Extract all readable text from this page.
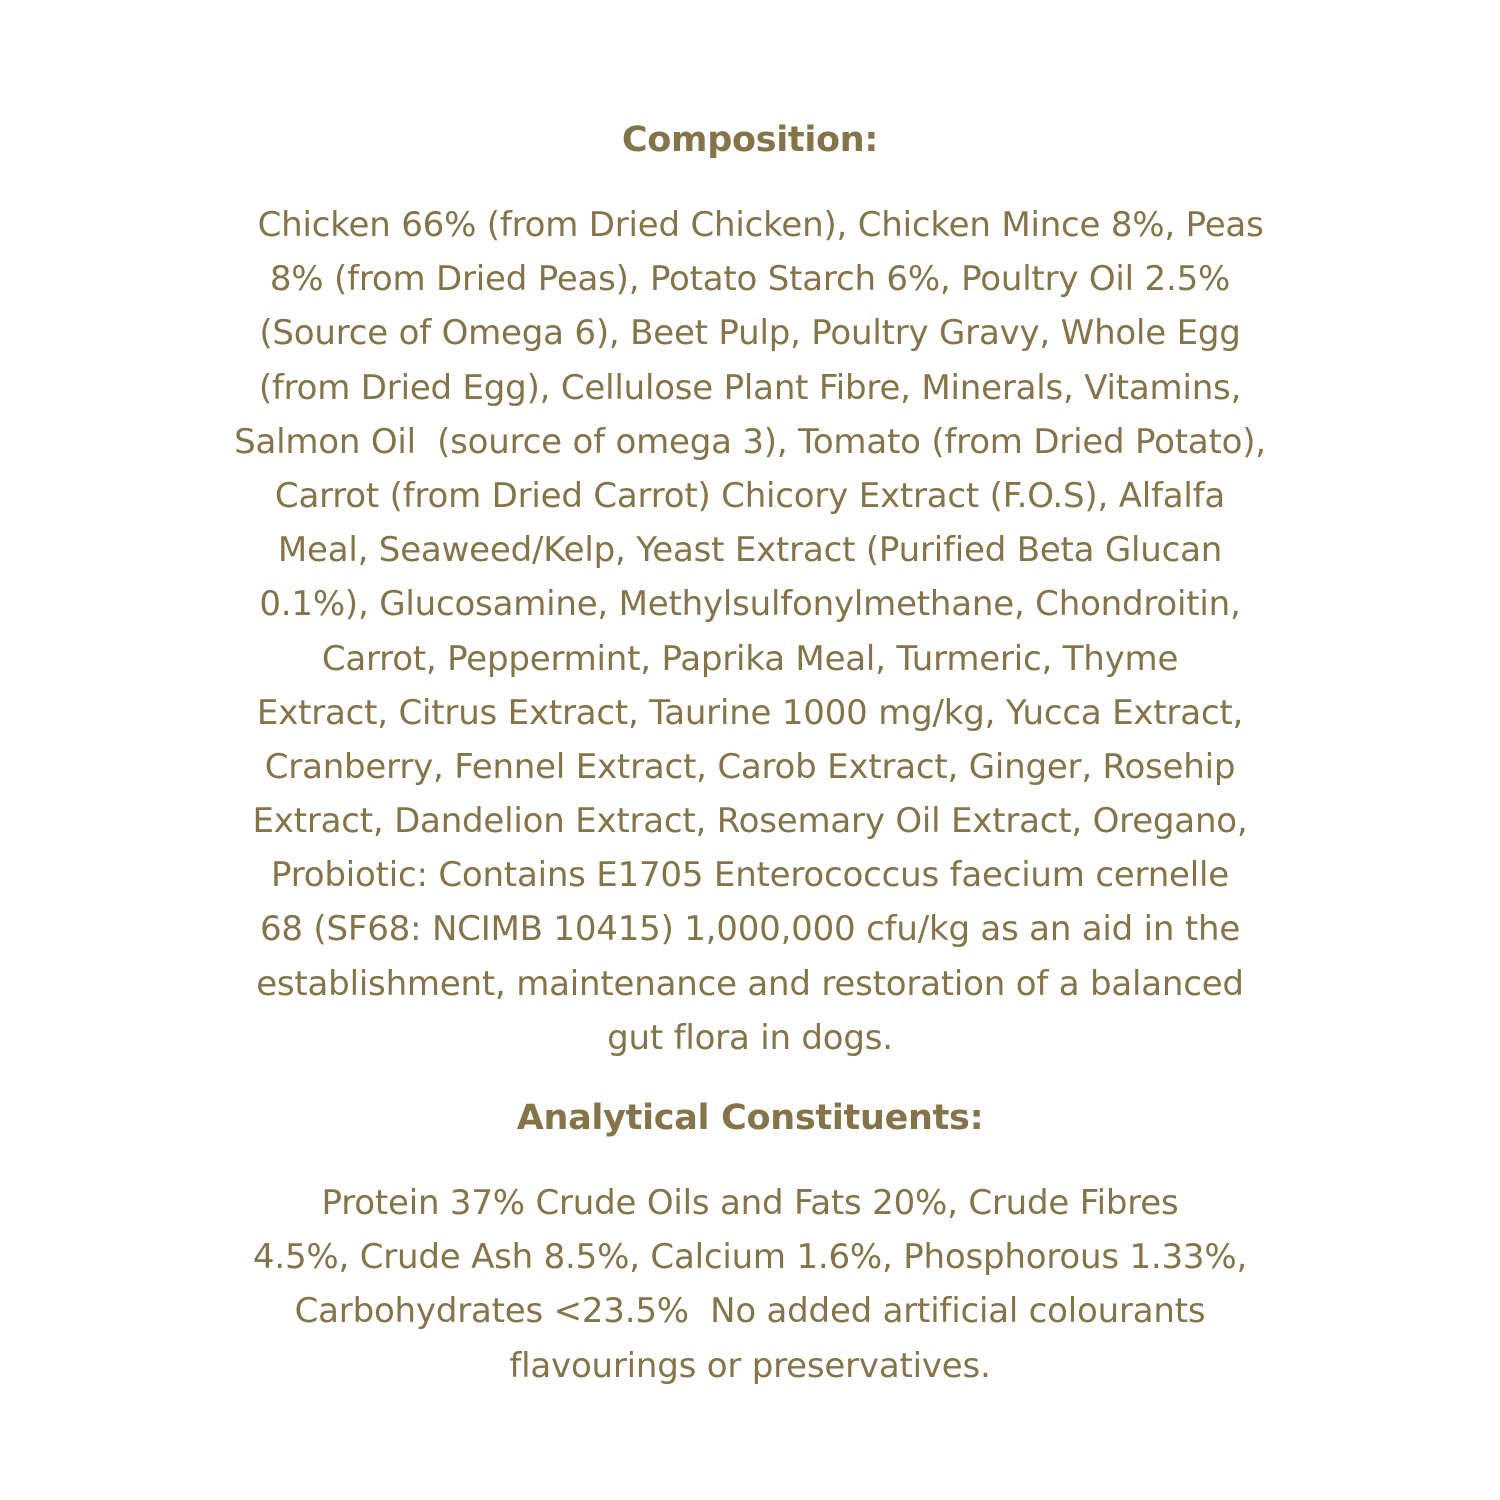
Composition:
Chicken 66% (from Dried Chicken), Chicken Mince 8%, Peas
8% (from Dried Peas), Potato Starch 6%, Poultry Oil 2.5%
(Source of Omega 6), Beet Pulp, Poultry Gravy, Whole Egg
(from Dried Egg), Cellulose Plant Fibre, Minerals, Vitamins,
Salmon Oil  (source of omega 3), Tomato (from Dried Potato),
Carrot (from Dried Carrot) Chicory Extract (F.O.S), Alfalfa
Meal, Seaweed/Kelp, Yeast Extract (Purified Beta Glucan
0.1%), Glucosamine, Methylsulfonylmethane, Chondroitin,
Carrot, Peppermint, Paprika Meal, Turmeric, Thyme
Extract, Citrus Extract, Taurine 1000 mg/kg, Yucca Extract,
Cranberry, Fennel Extract, Carob Extract, Ginger, Rosehip
Extract, Dandelion Extract, Rosemary Oil Extract, Oregano,
Probiotic: Contains E1705 Enterococcus faecium cernelle
68 (SF68: NCIMB 10415) 1,000,000 cfu/kg as an aid in the
establishment, maintenance and restoration of a balanced
gut flora in dogs.
Analytical Constituents:
Protein 37% Crude Oils and Fats 20%, Crude Fibres
4.5%, Crude Ash 8.5%, Calcium 1.6%, Phosphorous 1.33%,
Carbohydrates <23.5%  No added artificial colourants
flavourings or preservatives.
